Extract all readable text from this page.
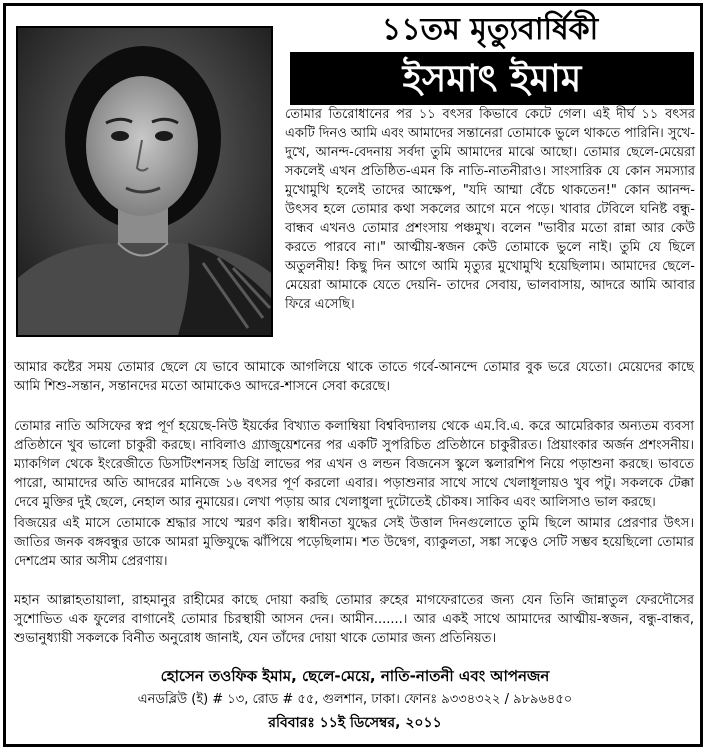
১১তম মৃত্যুবার্ষিকী
ইসমাৎ ইমাম
তোমার তিরোধানের পর ১১ বৎসর কিভাবে কেটে গেল। এই দীর্ঘ ১১ বৎসর একটি দিনও আমি এবং আমাদের সন্তানেরা তোমাকে ভুলে থাকতে পারিনি। সুখে-দুখে, আনন্দ-বেদনায় সর্বদা তুমি আমাদের মাঝে আছো। তোমার ছেলে-মেয়েরা সকলেই এখন প্রতিষ্ঠিত-এমন কি নাতি-নাতনীরাও। সাংসারিক যে কোন সমস্যার মুখোমুখি হলেই তাদের আক্ষেপ, "যদি আম্মা বেঁচে থাকতেন!" কোন আনন্দ-উৎসব হলে তোমার কথা সকলের আগে মনে পড়ে। খাবার টেবিলে ঘনিষ্ট বন্ধু-বান্ধব এখনও তোমার প্রশংসায় পঞ্চমুখ। বলেন "ভাবীর মতো রান্না আর কেউ করতে পারবে না।" আত্মীয়-স্বজন কেউ তোমাকে ভুলে নাই। তুমি যে ছিলে অতুলনীয়! কিছু দিন আগে আমি মৃত্যুর মুখোমুখি হয়েছিলাম। আমাদের ছেলে-মেয়েরা আমাকে যেতে দেয়নি- তাদের সেবায়, ভালবাসায়, আদরে আমি আবার ফিরে এসেছি।
আমার কষ্টের সময় তোমার ছেলে যে ভাবে আমাকে আগলিয়ে থাকে তাতে গর্বে-আনন্দে তোমার বুক ভরে যেতো। মেয়েদের কাছে আমি শিশু-সন্তান, সন্তানদের মতো আমাকেও আদরে-শাসনে সেবা করেছে।
তোমার নাতি অসিফের স্বপ্ন পূর্ণ হয়েছে-নিউ ইয়র্কের বিখ্যাত কলাম্বিয়া বিশ্ববিদ্যালয় থেকে এম.বি.এ. করে আমেরিকার অন্যতম ব্যবসা প্রতিষ্ঠানে খুব ভালো চাকুরী করছে। নাবিলাও গ্র্যাজুয়েশনের পর একটি সুপরিচিত প্রতিষ্ঠানে চাকুরীরত। প্রিয়াংকার অর্জন প্রশংসনীয়। ম্যাকগিল থেকে ইংরেজীতে ডিসটিংশনসহ ডিগ্রি লাভের পর এখন ও লন্ডন বিজনেস স্কুলে স্কলারশিপ নিয়ে পড়াশুনা করছে। ভাবতে পারো, আমাদের অতি আদরের মানিজে ১৬ বৎসর পূর্ণ করলো এবার। পড়াশুনার সাথে সাথে খেলাধূলায়ও খুব পটু। সকলকে টেক্কা দেবে মুক্তির দুই ছেলে, নেহাল আর নুমায়ের। লেখা পড়ায় আর খেলাধুলা দুটোতেই চৌকষ। সাকিব এবং আলিসাও ভাল করছে।
বিজয়ের এই মাসে তোমাকে শ্রদ্ধার সাথে স্মরণ করি। স্বাধীনতা যুদ্ধের সেই উত্তাল দিনগুলোতে তুমি ছিলে আমার প্রেরণার উৎস। জাতির জনক বঙ্গবন্ধুর ডাকে আমরা মুক্তিযুদ্ধে ঝাঁপিয়ে পড়েছিলাম। শত উদ্বেগ, ব্যাকুলতা, সঙ্কা সত্বেও সেটি সম্ভব হয়েছিলো তোমার দেশপ্রেম আর অসীম প্রেরণায়।
মহান আল্লাহতায়ালা, রাহমানুর রাহীমের কাছে দোয়া করছি তোমার রুহের মাগফেরাতের জন্য যেন তিনি জান্নাতুল ফেরদৌসের সুশোভিত এক ফুলের বাগানেই তোমার চিরস্থায়ী আসন দেন। আমীন.......। আর একই সাথে আমাদের আত্মীয়-স্বজন, বন্ধু-বান্ধব, শুভানুধ্যায়ী সকলকে বিনীত অনুরোধ জানাই, যেন তাঁদের দোয়া থাকে তোমার জন্য প্রতিনিয়ত।
হোসেন তওফিক ইমাম, ছেলে-মেয়ে, নাতি-নাতনী এবং আপনজন
এনডব্লিউ (ই) # ১৩, রোড # ৫৫, গুলশান, ঢাকা। ফোনঃ ৯৩৩৪৩২২ / ৯৮৯৬৪৫০
রবিবারঃ ১১ই ডিসেম্বর, ২০১১
